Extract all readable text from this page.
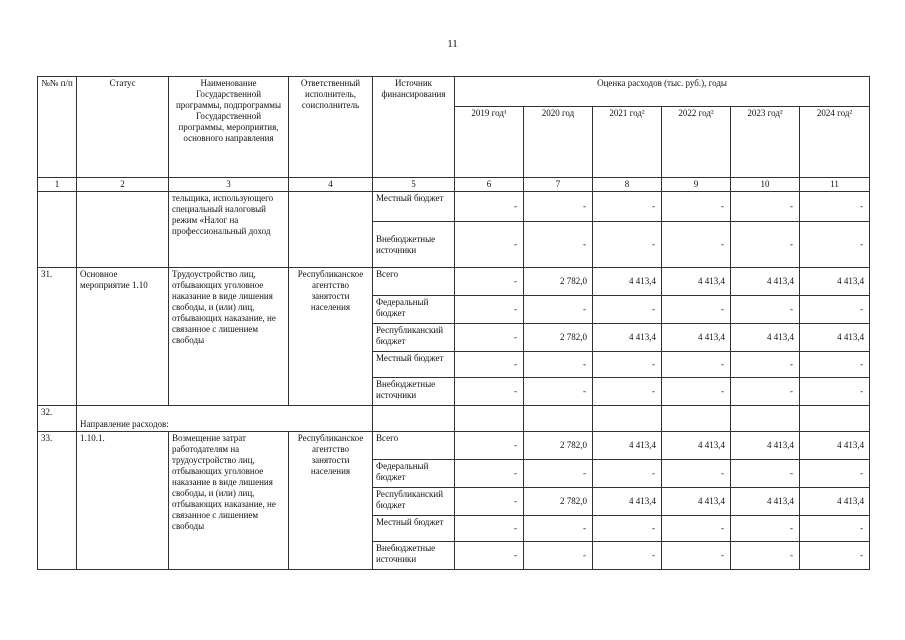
11
№№ п/п	Статус	Наименование Государственной программы, подпрограммы Государственной программы, мероприятия, основного направления	Ответственный исполнитель, соисполнитель	Источник финансирования	Оценка расходов (тыс. руб.), годы					
					2019 год¹	2020 год	2021 год²	2022 год²	2023 год²	2024 год²
1	2	3	4	5	6	7	8	9	10	11
		тельщика, использующего специальный налоговый режим «Налог на профессиональный доход		Местный бюджет	-	-	-	-	-	-
				Внебюджетные источники	-	-	-	-	-	-
31.	Основное мероприятие 1.10	Трудоустройство лиц, отбывающих уголовное наказание в виде лишения свободы, и (или) лиц, отбывающих наказание, не связанное с лишением свободы	Республиканское агентство занятости населения	Всего	-	2 782,0	4 413,4	4 413,4	4 413,4	4 413,4
				Федеральный бюджет	-	-	-	-	-	-
				Республиканский бюджет	-	2 782,0	4 413,4	4 413,4	4 413,4	4 413,4
				Местный бюджет	-	-	-	-	-	-
				Внебюджетные источники	-	-	-	-	-	-
32.	Направление расходов:									
33.	1.10.1.	Возмещение затрат работодателям на трудоустройство лиц, отбывающих уголовное наказание в виде лишения свободы, и (или) лиц, отбывающих наказание, не связанное с лишением свободы	Республиканское агентство занятости населения	Всего	-	2 782,0	4 413,4	4 413,4	4 413,4	4 413,4
				Федеральный бюджет	-	-	-	-	-	-
				Республиканский бюджет	-	2 782,0	4 413,4	4 413,4	4 413,4	4 413,4
				Местный бюджет	-	-	-	-	-	-
				Внебюджетные источники	-	-	-	-	-	-
